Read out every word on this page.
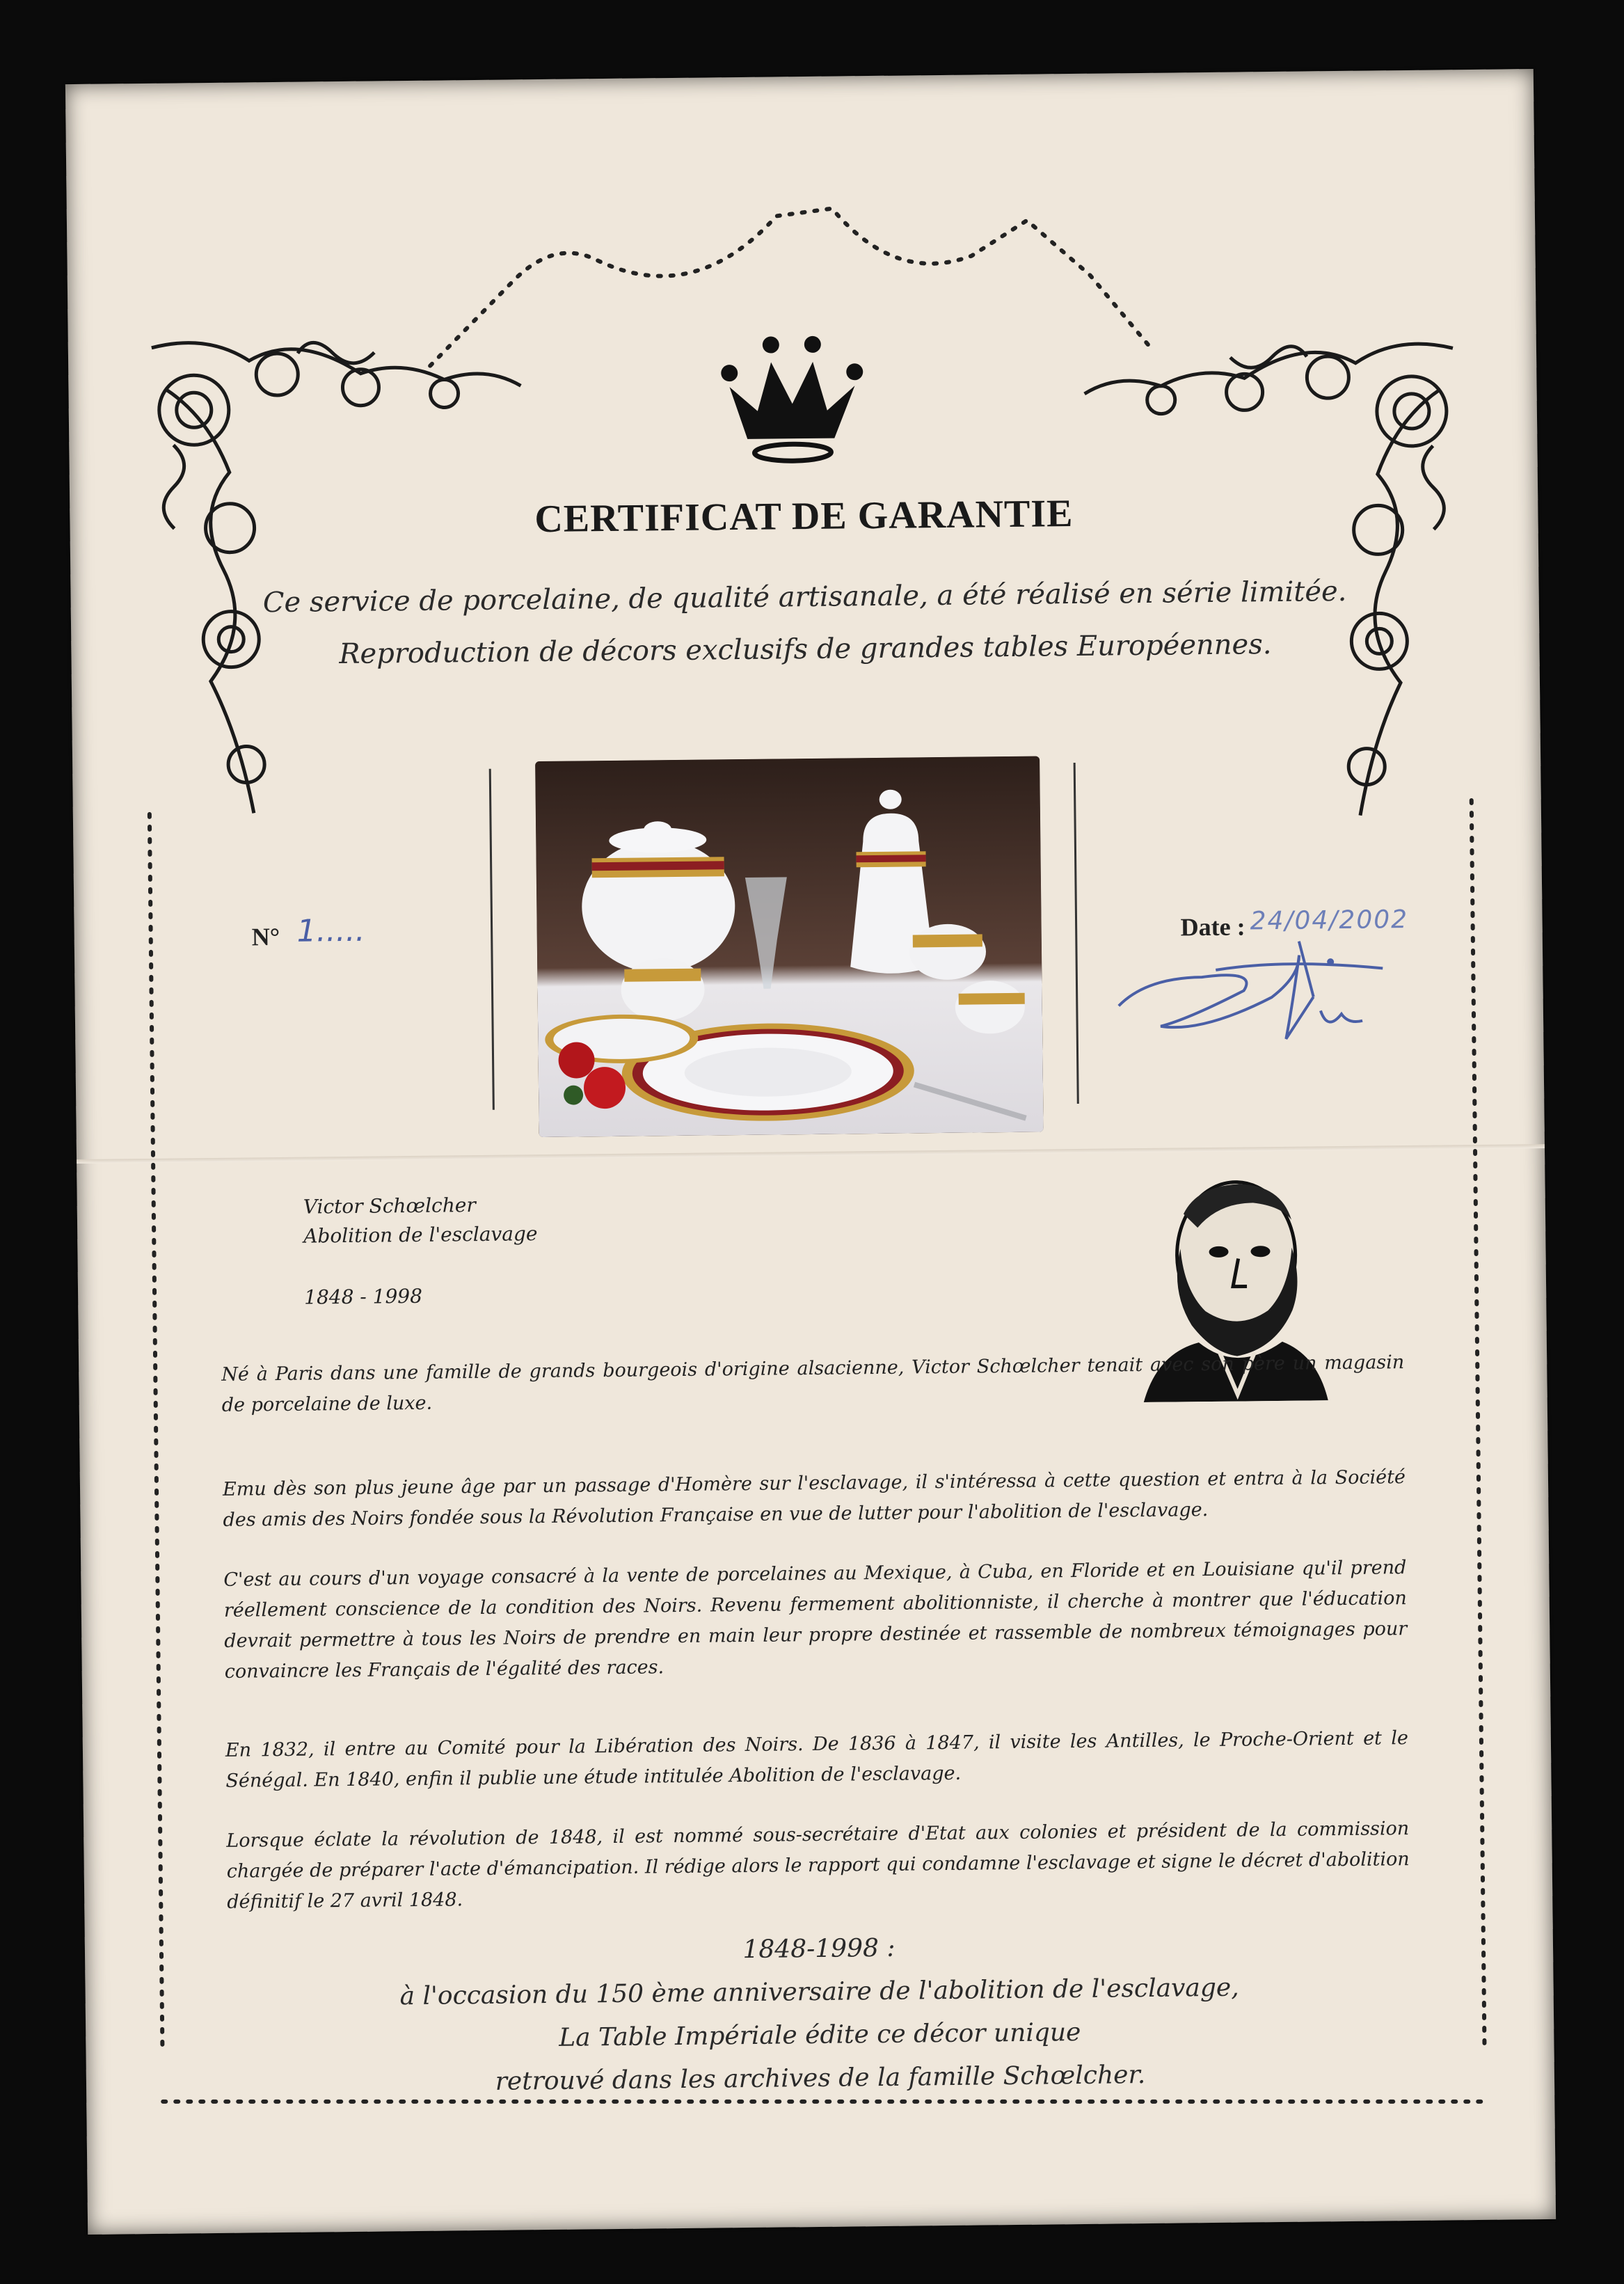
CERTIFICAT DE GARANTIE
Ce service de porcelaine, de qualité artisanale, a été réalisé en série limitée.
Reproduction de décors exclusifs de grandes tables Européennes.
N° 1.....	Date : 24/04/2002
Victor Schœlcher
Abolition de l'esclavage
1848 - 1998
Né à Paris dans une famille de grands bourgeois d'origine alsacienne, Victor Schœlcher tenait avec son père un magasin de porcelaine de luxe.
Emu dès son plus jeune âge par un passage d'Homère sur l'esclavage, il s'intéressa à cette question et entra à la Société des amis des Noirs fondée sous la Révolution Française en vue de lutter pour l'abolition de l'esclavage.
C'est au cours d'un voyage consacré à la vente de porcelaines au Mexique, à Cuba, en Floride et en Louisiane qu'il prend réellement conscience de la condition des Noirs. Revenu fermement abolitionniste, il cherche à montrer que l'éducation devrait permettre à tous les Noirs de prendre en main leur propre destinée et rassemble de nombreux témoignages pour convaincre les Français de l'égalité des races.
En 1832, il entre au Comité pour la Libération des Noirs. De 1836 à 1847, il visite les Antilles, le Proche-Orient et le Sénégal. En 1840, enfin il publie une étude intitulée Abolition de l'esclavage.
Lorsque éclate la révolution de 1848, il est nommé sous-secrétaire d'Etat aux colonies et président de la commission chargée de préparer l'acte d'émancipation. Il rédige alors le rapport qui condamne l'esclavage et signe le décret d'abolition définitif le 27 avril 1848.
1848-1998 :
à l'occasion du 150 ème anniversaire de l'abolition de l'esclavage,
La Table Impériale édite ce décor unique
retrouvé dans les archives de la famille Schœlcher.
